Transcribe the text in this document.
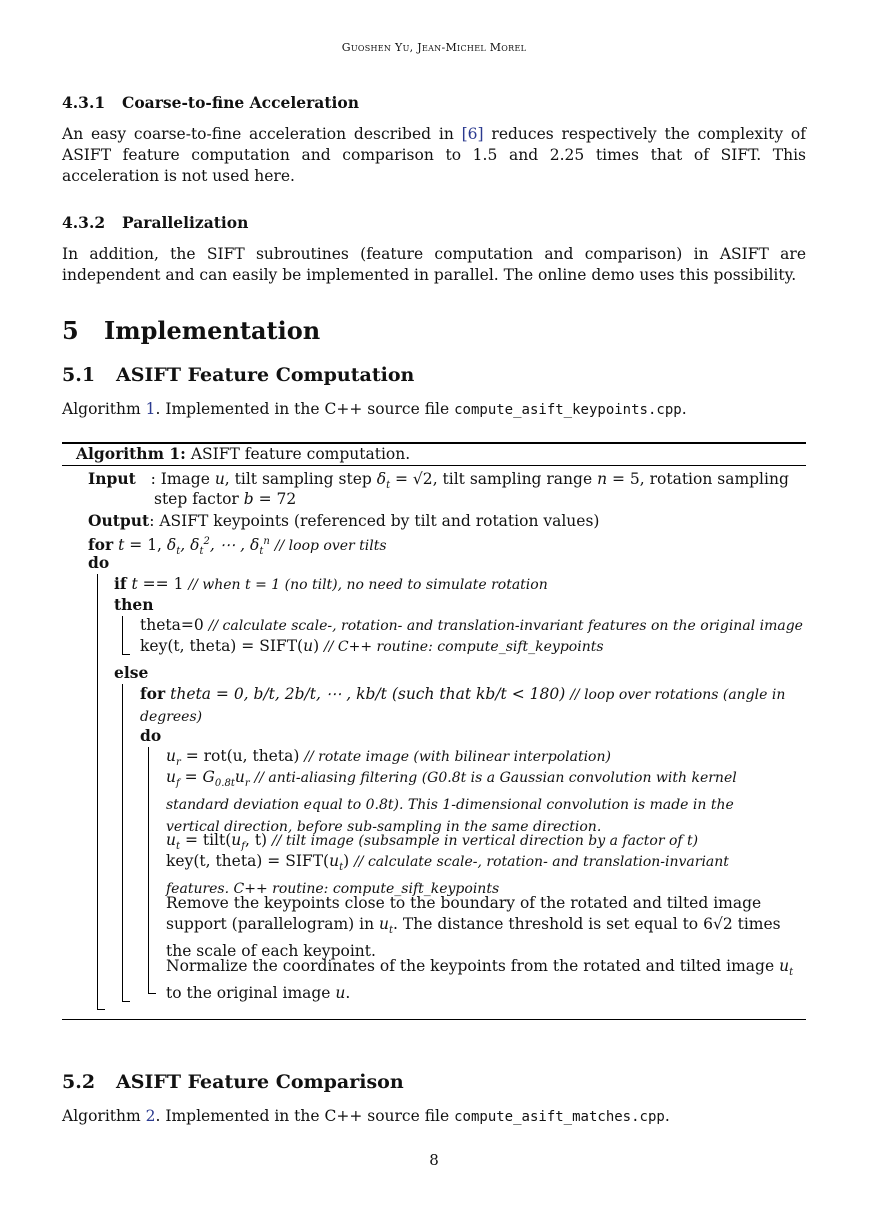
Guoshen Yu, Jean-Michel Morel
4.3.1 Coarse-to-fine Acceleration
An easy coarse-to-fine acceleration described in [6] reduces respectively the complexity of ASIFT feature computation and comparison to 1.5 and 2.25 times that of SIFT. This acceleration is not used here.
4.3.2 Parallelization
In addition, the SIFT subroutines (feature computation and comparison) in ASIFT are independent and can easily be implemented in parallel. The online demo uses this possibility.
5 Implementation
5.1 ASIFT Feature Computation
Algorithm 1. Implemented in the C++ source file compute_asift_keypoints.cpp.
Algorithm 1: ASIFT feature computation.
Input : Image u, tilt sampling step $\delta_t = √2$, tilt sampling range n = 5, rotation sampling
step factor b = 72
Output: ASIFT keypoints (referenced by tilt and rotation values)
for t = 1, $\delta_t$, $\delta_t^2$, ⋯ , $\delta_t^n$ // loop over tilts
do
if t == 1 // when t = 1 (no tilt), no need to simulate rotation
then
theta=0 // calculate scale-, rotation- and translation-invariant features on the original image
key(t, theta) = SIFT(u) // C++ routine: compute_sift_keypoints
else
for theta = 0, b/t, 2b/t, ⋯ , kb/t (such that kb/t < 180) // loop over rotations (angle in degrees)
do
$u_r = rot(u$, theta) // rotate image (with bilinear interpolation)
$u_f = G_{0.8t}u_r$ // anti-aliasing filtering (G0.8t is a Gaussian convolution with kernel standard deviation equal to 0.8t). This 1-dimensional convolution is made in the vertical direction, before sub-sampling in the same direction.
$u_t$ = $tilt(u_f$, t) // tilt image (subsample in vertical direction by a factor of t)
key(t, theta) = $SIFT(u_t)$ // calculate scale-, rotation- and translation-invariant features. C++ routine: compute_sift_keypoints
Remove the keypoints close to the boundary of the rotated and tilted image support (parallelogram) in $u_t$. The distance threshold is set equal to 6√2 times the scale of each keypoint.
Normalize the coordinates of the keypoints from the rotated and tilted image $u_t$ to the original image u.
5.2 ASIFT Feature Comparison
Algorithm 2. Implemented in the C++ source file compute_asift_matches.cpp.
8
